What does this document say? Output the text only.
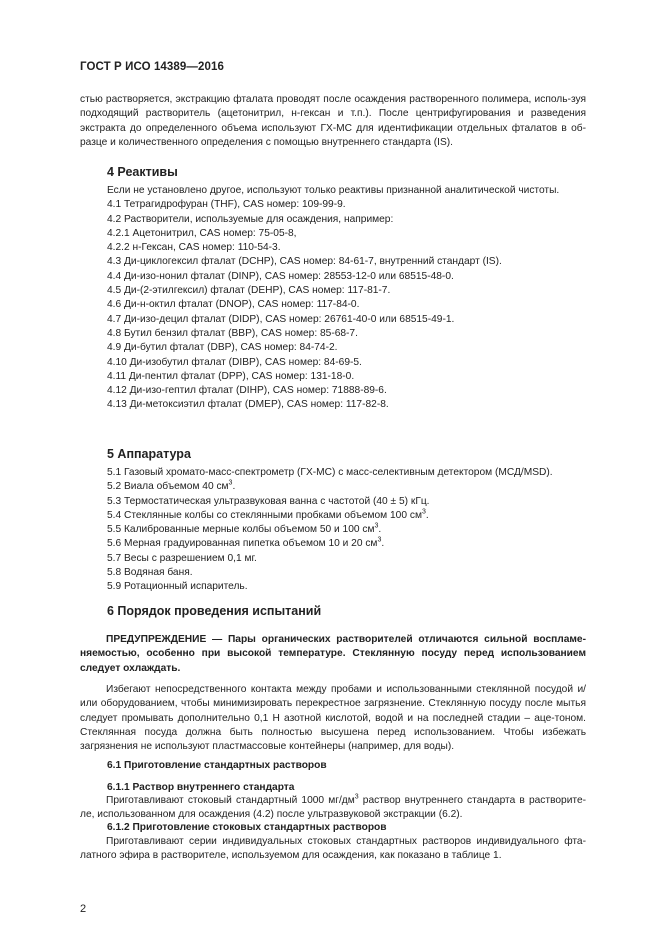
ГОСТ Р ИСО 14389—2016
стью растворяется, экстракцию фталата проводят после осаждения растворенного полимера, исполь-зуя подходящий растворитель (ацетонитрил, н-гексан и т.п.). После центрифугирования и разведения экстракта до определенного объема используют ГХ-МС для идентификации отдельных фталатов в об-разце и количественного определения с помощью внутреннего стандарта (IS).
4 Реактивы
Если не установлено другое, используют только реактивы признанной аналитической чистоты.
4.1 Тетрагидрофуран (THF), CAS номер: 109-99-9.
4.2 Растворители, используемые для осаждения, например:
4.2.1 Ацетонитрил, CAS номер: 75-05-8,
4.2.2 н-Гексан, CAS номер: 110-54-3.
4.3 Ди-циклогексил фталат (DCHP), CAS номер: 84-61-7, внутренний стандарт (IS).
4.4 Ди-изо-нонил фталат (DINP), CAS номер: 28553-12-0 или 68515-48-0.
4.5 Ди-(2-этилгексил) фталат (DEHP), CAS номер: 117-81-7.
4.6 Ди-н-октил фталат (DNOP), CAS номер: 117-84-0.
4.7 Ди-изо-децил фталат (DIDP), CAS номер: 26761-40-0 или 68515-49-1.
4.8 Бутил бензил фталат (BBP), CAS номер: 85-68-7.
4.9 Ди-бутил фталат (DBP), CAS номер: 84-74-2.
4.10 Ди-изобутил фталат (DIBP), CAS номер: 84-69-5.
4.11 Ди-пентил фталат (DPP), CAS номер: 131-18-0.
4.12 Ди-изо-гептил фталат (DIHP), CAS номер: 71888-89-6.
4.13 Ди-метоксиэтил фталат (DMEP), CAS номер: 117-82-8.
5 Аппаратура
5.1 Газовый хромато-масс-спектрометр (ГХ-МС) с масс-селективным детектором (МСД/MSD).
5.2 Виала объемом 40 $см^3$.
5.3 Термостатическая ультразвуковая ванна с частотой (40 ± 5) кГц.
5.4 Стеклянные колбы со стеклянными пробками объемом 100 $см^3$.
5.5 Калиброванные мерные колбы объемом 50 и 100 $см^3$.
5.6 Мерная градуированная пипетка объемом 10 и 20 $см^3$.
5.7 Весы с разрешением 0,1 мг.
5.8 Водяная баня.
5.9 Ротационный испаритель.
6 Порядок проведения испытаний
ПРЕДУПРЕЖДЕНИЕ — Пары органических растворителей отличаются сильной воспламе-няемостью, особенно при высокой температуре. Стеклянную посуду перед использованием следует охлаждать.
Избегают непосредственного контакта между пробами и использованными стеклянной посудой и/или оборудованием, чтобы минимизировать перекрестное загрязнение. Стеклянную посуду после мытья следует промывать дополнительно 0,1 Н азотной кислотой, водой и на последней стадии – аце-тоном. Стеклянная посуда должна быть полностью высушена перед использованием. Чтобы избежать загрязнения не используют пластмассовые контейнеры (например, для воды).
6.1 Приготовление стандартных растворов
6.1.1 Раствор внутреннего стандарта
Приготавливают стоковый стандартный 1000 $мг/дм^3$ раствор внутреннего стандарта в растворите-ле, использованном для осаждения (4.2) после ультразвуковой экстракции (6.2).
6.1.2 Приготовление стоковых стандартных растворов
Приготавливают серии индивидуальных стоковых стандартных растворов индивидуального фта-латного эфира в растворителе, используемом для осаждения, как показано в таблице 1.
2
